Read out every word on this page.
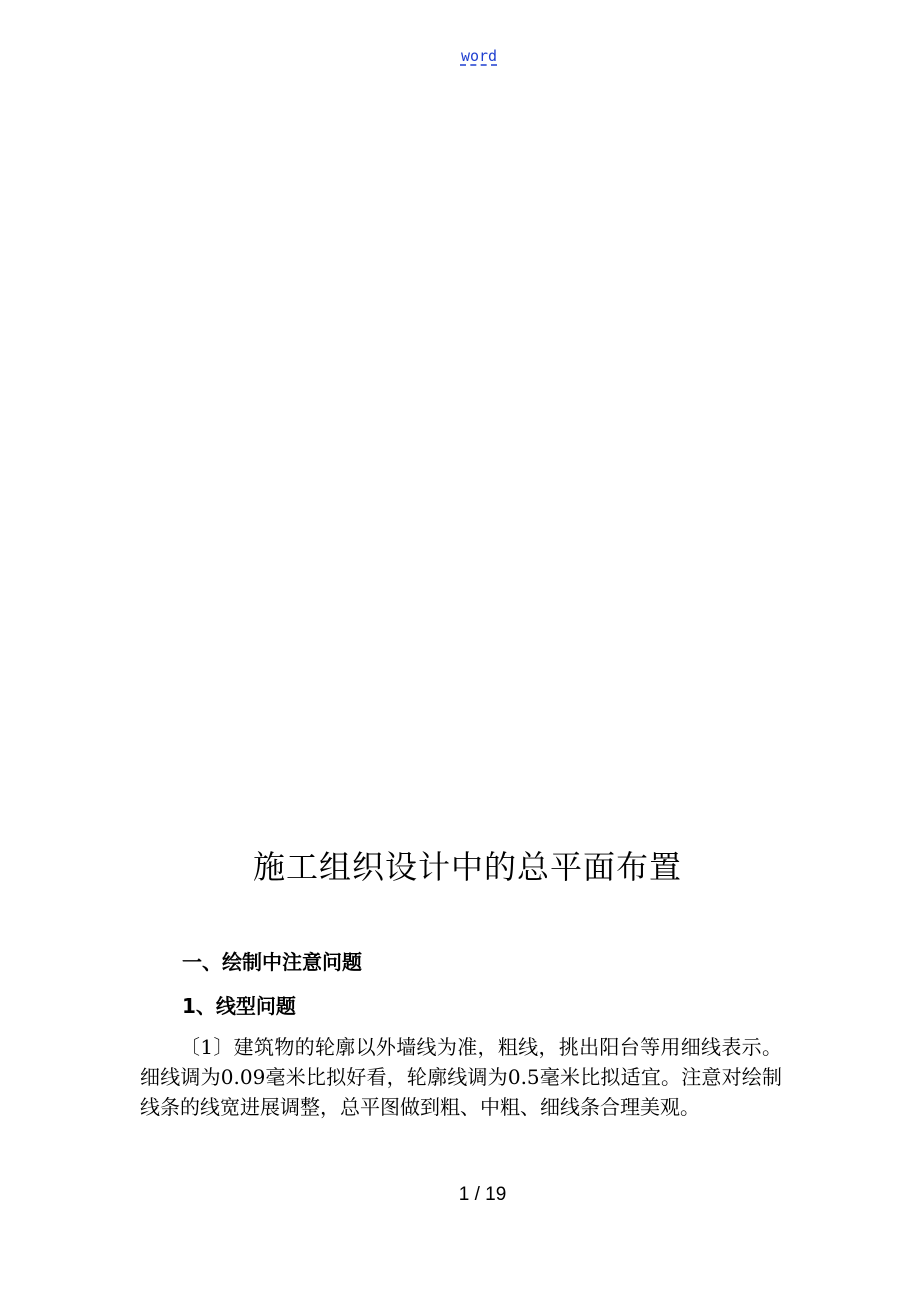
word
施工组织设计中的总平面布置
一、绘制中注意问题
1、线型问题

〔1〕建筑物的轮廓以外墙线为准，粗线，挑出阳台等用细线表示。细线调为0.09毫米比拟好看，轮廓线调为0.5毫米比拟适宜。注意对绘制线条的线宽进展调整，总平图做到粗、中粗、细线条合理美观。

1 / 19
